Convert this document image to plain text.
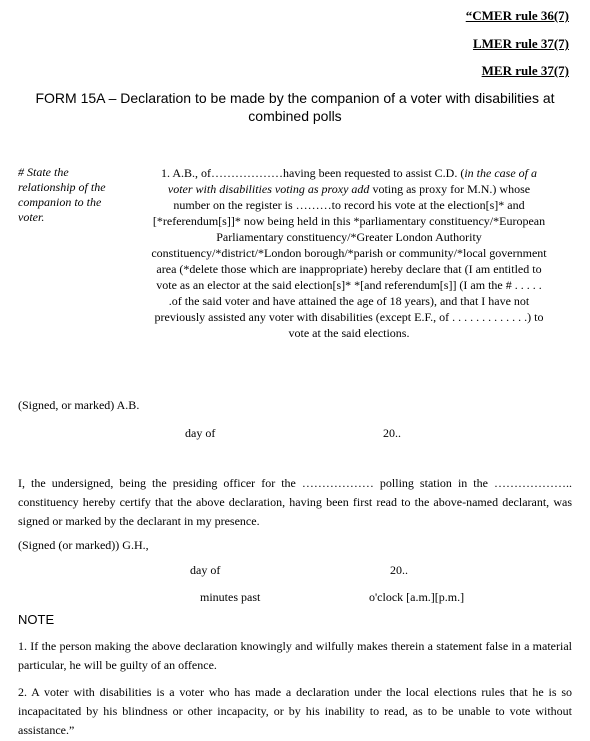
“CMER rule 36(7)
LMER rule 37(7)
MER rule 37(7)
FORM 15A – Declaration to be made by the companion of a voter with disabilities at
combined polls
# State the relationship of the companion to the voter.
1. A.B., of………………having been requested to assist C.D. (in the case of a voter with disabilities voting as proxy add voting as proxy for M.N.) whose number on the register is ………to record his vote at the election[s]* and [*referendum[s]]* now being held in this *parliamentary constituency/*European Parliamentary constituency/*Greater London Authority constituency/*district/*London borough/*parish or community/*local government area (*delete those which are inappropriate) hereby declare that (I am entitled to vote as an elector at the said election[s]* *[and referendum[s]] (I am the # . . . . . .of the said voter and have attained the age of 18 years), and that I have not previously assisted any voter with disabilities (except E.F., of . . . . . . . . . . . . .) to vote at the said elections.
(Signed, or marked) A.B.
day of	20..
I, the undersigned, being the presiding officer for the ……………… polling station in the ……………….. constituency hereby certify that the above declaration, having been first read to the above-named declarant, was signed or marked by the declarant in my presence.
(Signed (or marked)) G.H.,
day of	20..
minutes past	o'clock [a.m.][p.m.]
NOTE
1. If the person making the above declaration knowingly and wilfully makes therein a statement false in a material particular, he will be guilty of an offence.
2. A voter with disabilities is a voter who has made a declaration under the local elections rules that he is so incapacitated by his blindness or other incapacity, or by his inability to read, as to be unable to vote without assistance.”
